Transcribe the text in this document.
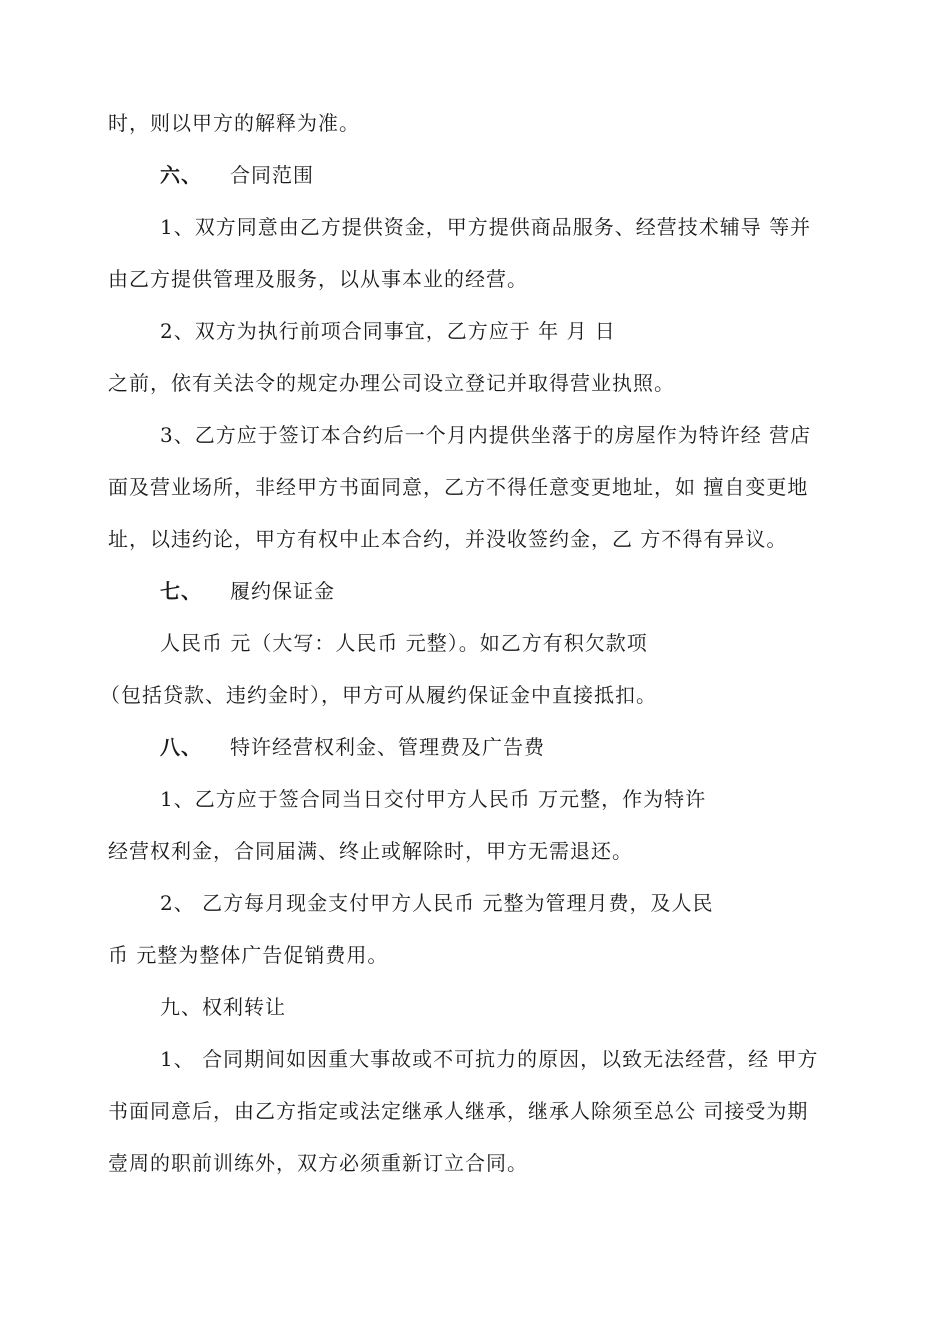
时，则以甲方的解释为准。
六、 合同范围
1、双方同意由乙方提供资金，甲方提供商品服务、经营技术辅导 等并
由乙方提供管理及服务，以从事本业的经营。
2、双方为执行前项合同事宜，乙方应于 年 月 日
之前，依有关法令的规定办理公司设立登记并取得营业执照。
3、乙方应于签订本合约后一个月内提供坐落于的房屋作为特许经 营店
面及营业场所，非经甲方书面同意，乙方不得任意变更地址，如 擅自变更地
址，以违约论，甲方有权中止本合约，并没收签约金，乙 方不得有异议。
七、 履约保证金
人民币 元（大写：人民币 元整）。如乙方有积欠款项
（包括贷款、违约金时），甲方可从履约保证金中直接抵扣。
八、 特许经营权利金、管理费及广告费
1、乙方应于签合同当日交付甲方人民币 万元整，作为特许
经营权利金，合同届满、终止或解除时，甲方无需退还。
2、 乙方每月现金支付甲方人民币 元整为管理月费，及人民
币 元整为整体广告促销费用。
九、权利转让
1、 合同期间如因重大事故或不可抗力的原因，以致无法经营，经 甲方
书面同意后，由乙方指定或法定继承人继承，继承人除须至总公 司接受为期
壹周的职前训练外，双方必须重新订立合同。
